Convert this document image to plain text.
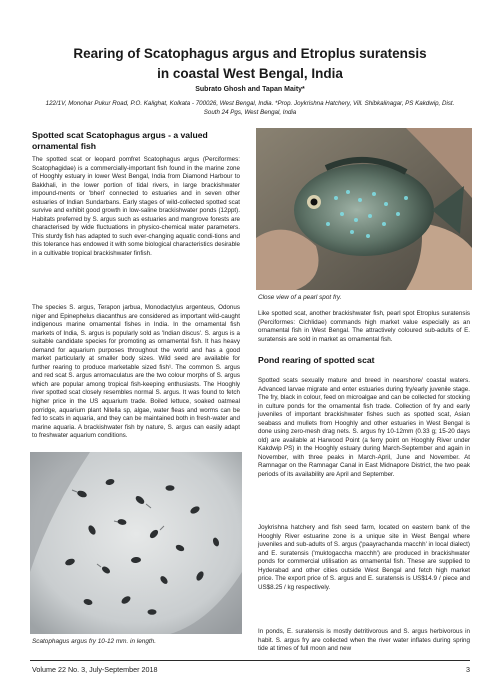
Rearing of Scatophagus argus and Etroplus suratensis
in coastal West Bengal, India
Subrato Ghosh and Tapan Maity*
122/1V, Monohar Pukur Road, P.O. Kalighat, Kolkata - 700026, West Bengal, India. *Prop. Joykrishna Hatchery, Vill. Shibkalinagar, PS Kakdwip, Dist. South 24 Pgs, West Bengal, India
Spotted scat Scatophagus argus - a valued
ornamental fish

The spotted scat or leopard pomfret Scatophagus argus (Perciformes: Scatophagidae) is a commercially-important fish found in the marine zone of Hooghly estuary in lower West Bengal, India from Diamond Harbour to Bakkhali, in the lower portion of tidal rivers, in large brackishwater impound-ments or 'bheri' connected to estuaries and in seven other estuaries of Indian Sundarbans. Early stages of wild-collected spotted scat survive and exhibit good growth in low-saline brackishwater ponds (12ppt). Habitats preferred by S. argus such as estuaries and mangrove forests are characterised by wide fluctuations in physico-chemical water parameters. This sturdy fish has adapted to such ever-changing aquatic condi-tions and this tolerance has endowed it with some biological characteristics desirable in a cultivable tropical brackishwater finfish.

The species S. argus, Terapon jarbua, Monodactylus argenteus, Odonus niger and Epinephelus diacanthus are considered as important wild-caught indigenous marine ornamental fishes in India. In the ornamental fish markets of India, S. argus is popularly sold as 'Indian discus'. S. argus is a suitable candidate species for promoting as ornamental fish. It has heavy demand for aquarium purposes throughout the world and has a good market particularly at smaller body sizes. Wild seed are available for further rearing to produce marketable sized fish¹. The common S. argus and red scat S. argus arromaculatus are the two colour morphs of S. argus which are popular among tropical fish-keeping enthusiasts. The Hooghly river spotted scat closely resembles normal S. argus. It was found to fetch higher price in the US aquarium trade. Boiled lettuce, soaked oatmeal porridge, aquarium plant Nitella sp, algae, water fleas and worms can be fed to scats in aquaria, and they can be maintained both in fresh-water and marine aquaria. A brackishwater fish by nature, S. argus can easily adapt to freshwater aquarium conditions.

Scatophagus argus fry 10-12 mm. in length.
Close view of a pearl spot fry.

Like spotted scat, another brackishwater fish, pearl spot Etroplus suratensis (Perciformes: Cichlidae) commands high market value especially as an ornamental fish in West Bengal. The attractively coloured sub-adults of E. suratensis are sold in market as ornamental fish.

Pond rearing of spotted scat

Spotted scats sexually mature and breed in nearshore/ coastal waters. Advanced larvae migrate and enter estuaries during fry/early juvenile stage. The fry, black in colour, feed on microalgae and can be collected for stocking in culture ponds for the ornamental fish trade. Collection of fry and early juveniles of important brackishwater fishes such as spotted scat, Asian seabass and mullets from Hooghly and other estuaries in West Bengal is done using zero-mesh drag nets. S. argus fry 10-12mm (0.33 g; 15-20 days old) are available at Harwood Point (a ferry point on Hooghly River under Kakdwip PS) in the Hooghly estuary during March-September and again in November, with three peaks in March-April, June and November. At Ramnagar on the Ramnagar Canal in East Midnapore District, the two peak periods of its availability are April and September.

Joykrishna hatchery and fish seed farm, located on eastern bank of the Hooghly River estuarine zone is a unique site in West Bengal where juveniles and sub-adults of S. argus ('paayrachanda macchh' in local dialect) and E. suratensis ('muktogaccha macchh') are produced in brackishwater ponds for commercial utilisation as ornamental fish. These are supplied to Hyderabad and other cities outside West Bengal and fetch high market price. The export price of S. argus and E. suratensis is US$14.9 / piece and US$8.25 / kg respectively.

In ponds, E. suratensis is mostly detritivorous and S. argus herbivorous in habit. S. argus fry are collected when the river water inflates during spring tide at times of full moon and new

Volume 22 No. 3, July-September 2018	3
